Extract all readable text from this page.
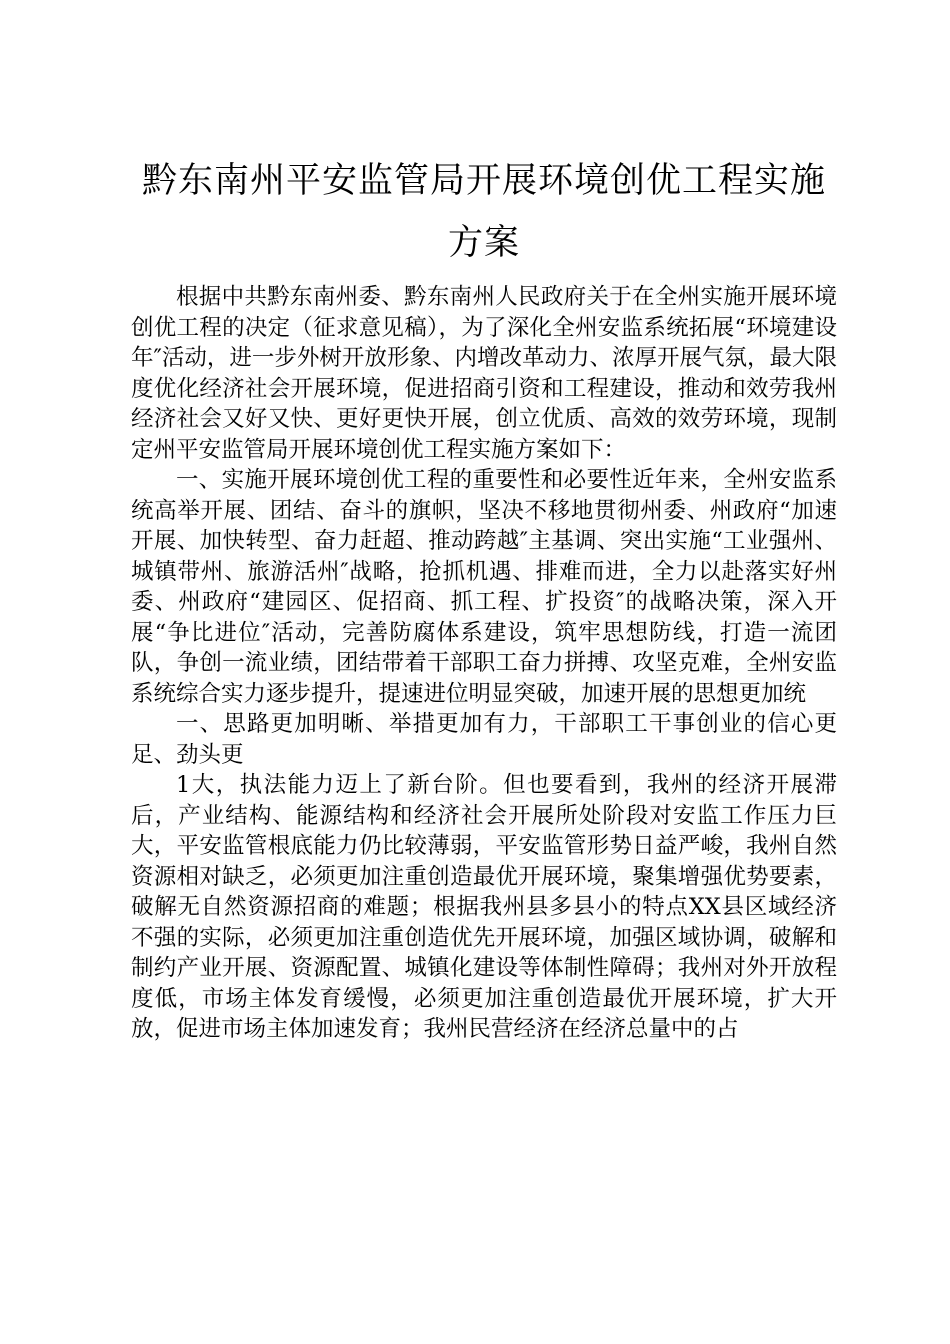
黔东南州平安监管局开展环境创优工程实施方案

根据中共黔东南州委、黔东南州人民政府关于在全州实施开展环境创优工程的决定（征求意见稿），为了深化全州安监系统拓展“环境建设年″活动，进一步外树开放形象、内增改革动力、浓厚开展气氛，最大限度优化经济社会开展环境，促进招商引资和工程建设，推动和效劳我州经济社会又好又快、更好更快开展，创立优质、高效的效劳环境，现制定州平安监管局开展环境创优工程实施方案如下：

一、实施开展环境创优工程的重要性和必要性近年来，全州安监系统高举开展、团结、奋斗的旗帜，坚决不移地贯彻州委、州政府“加速开展、加快转型、奋力赶超、推动跨越″主基调、突出实施“工业强州、城镇带州、旅游活州″战略，抢抓机遇、排难而进，全力以赴落实好州委、州政府“建园区、促招商、抓工程、扩投资″的战略决策，深入开展“争比进位″活动，完善防腐体系建设，筑牢思想防线，打造一流团队，争创一流业绩，团结带着干部职工奋力拼搏、攻坚克难，全州安监系统综合实力逐步提升，提速进位明显突破，加速开展的思想更加统

一、思路更加明晰、举措更加有力，干部职工干事创业的信心更足、劲头更

1大，执法能力迈上了新台阶。但也要看到，我州的经济开展滞后，产业结构、能源结构和经济社会开展所处阶段对安监工作压力巨大，平安监管根底能力仍比较薄弱，平安监管形势日益严峻，我州自然资源相对缺乏，必须更加注重创造最优开展环境，聚集增强优势要素，破解无自然资源招商的难题；根据我州县多县小的特点XX县区域经济不强的实际，必须更加注重创造优先开展环境，加强区域协调，破解和制约产业开展、资源配置、城镇化建设等体制性障碍；我州对外开放程度低，市场主体发育缓慢，必须更加注重创造最优开展环境，扩大开放，促进市场主体加速发育；我州民营经济在经济总量中的占
